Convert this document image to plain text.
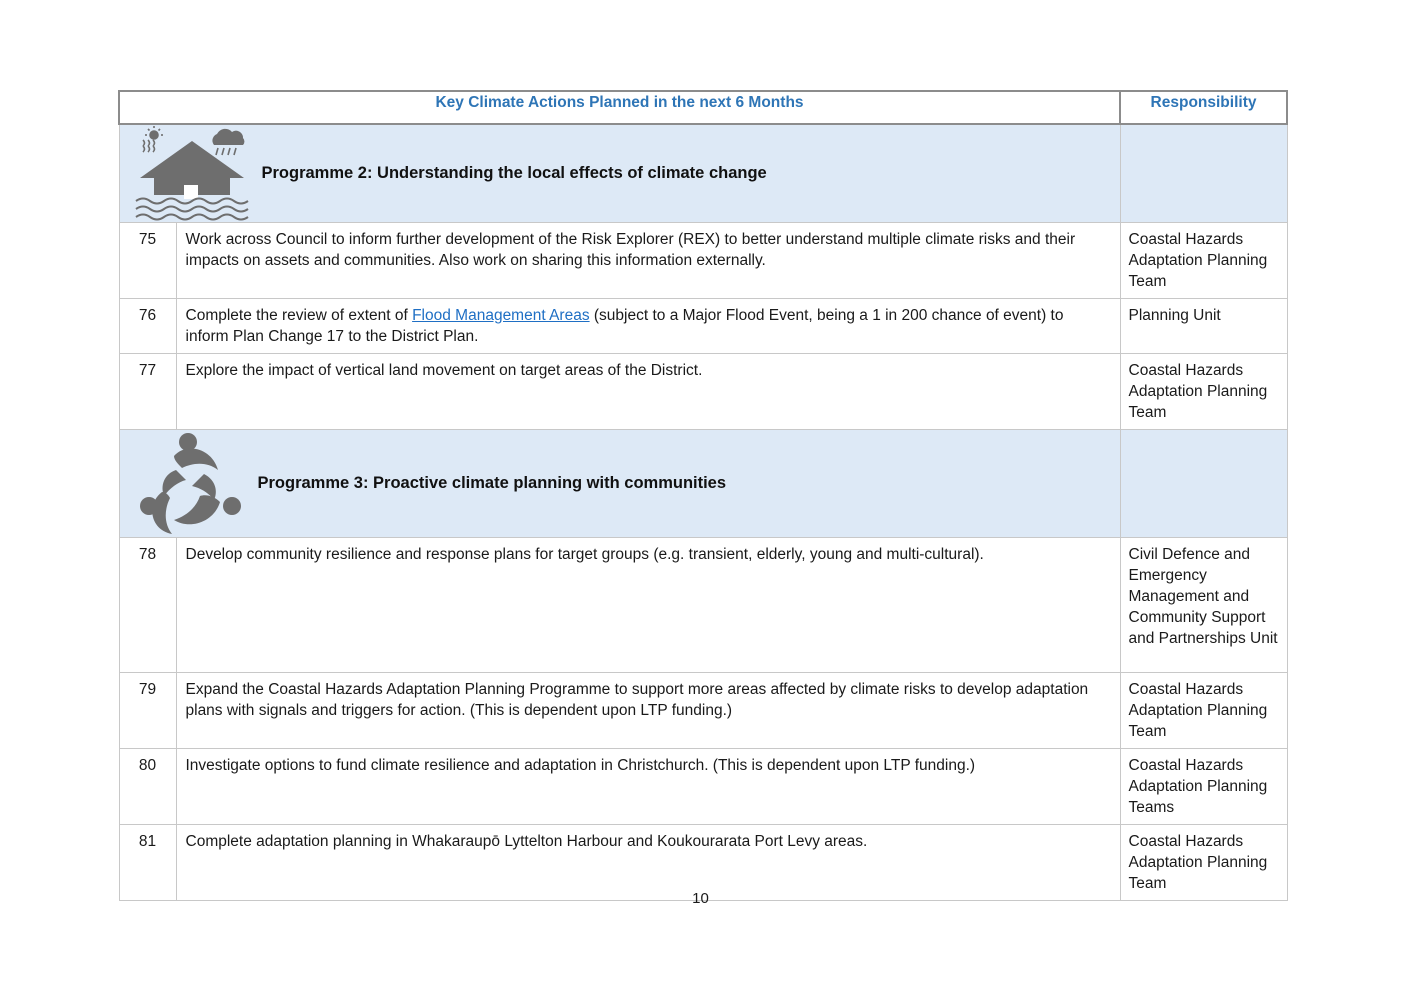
Key Climate Actions Planned in the next 6 Months		Responsibility

Programme 2: Understanding the local effects of climate change		

75	Work across Council to inform further development of the Risk Explorer (REX) to better understand multiple climate risks and their impacts on assets and communities. Also work on sharing this information externally.	Coastal Hazards Adaptation Planning Team
76	Complete the review of extent of Flood Management Areas (subject to a Major Flood Event, being a 1 in 200 chance of event) to inform Plan Change 17 to the District Plan.	Planning Unit
77	Explore the impact of vertical land movement on target areas of the District.	Coastal Hazards Adaptation Planning Team

Programme 3: Proactive climate planning with communities		

78	Develop community resilience and response plans for target groups (e.g. transient, elderly, young and multi-cultural).	Civil Defence and Emergency Management and Community Support and Partnerships Unit
79	Expand the Coastal Hazards Adaptation Planning Programme to support more areas affected by climate risks to develop adaptation plans with signals and triggers for action. (This is dependent upon LTP funding.)	Coastal Hazards Adaptation Planning Team
80	Investigate options to fund climate resilience and adaptation in Christchurch. (This is dependent upon LTP funding.)	Coastal Hazards Adaptation Planning Teams
81	Complete adaptation planning in Whakaraupō Lyttelton Harbour and Koukourarata Port Levy areas.	Coastal Hazards Adaptation Planning Team
10
